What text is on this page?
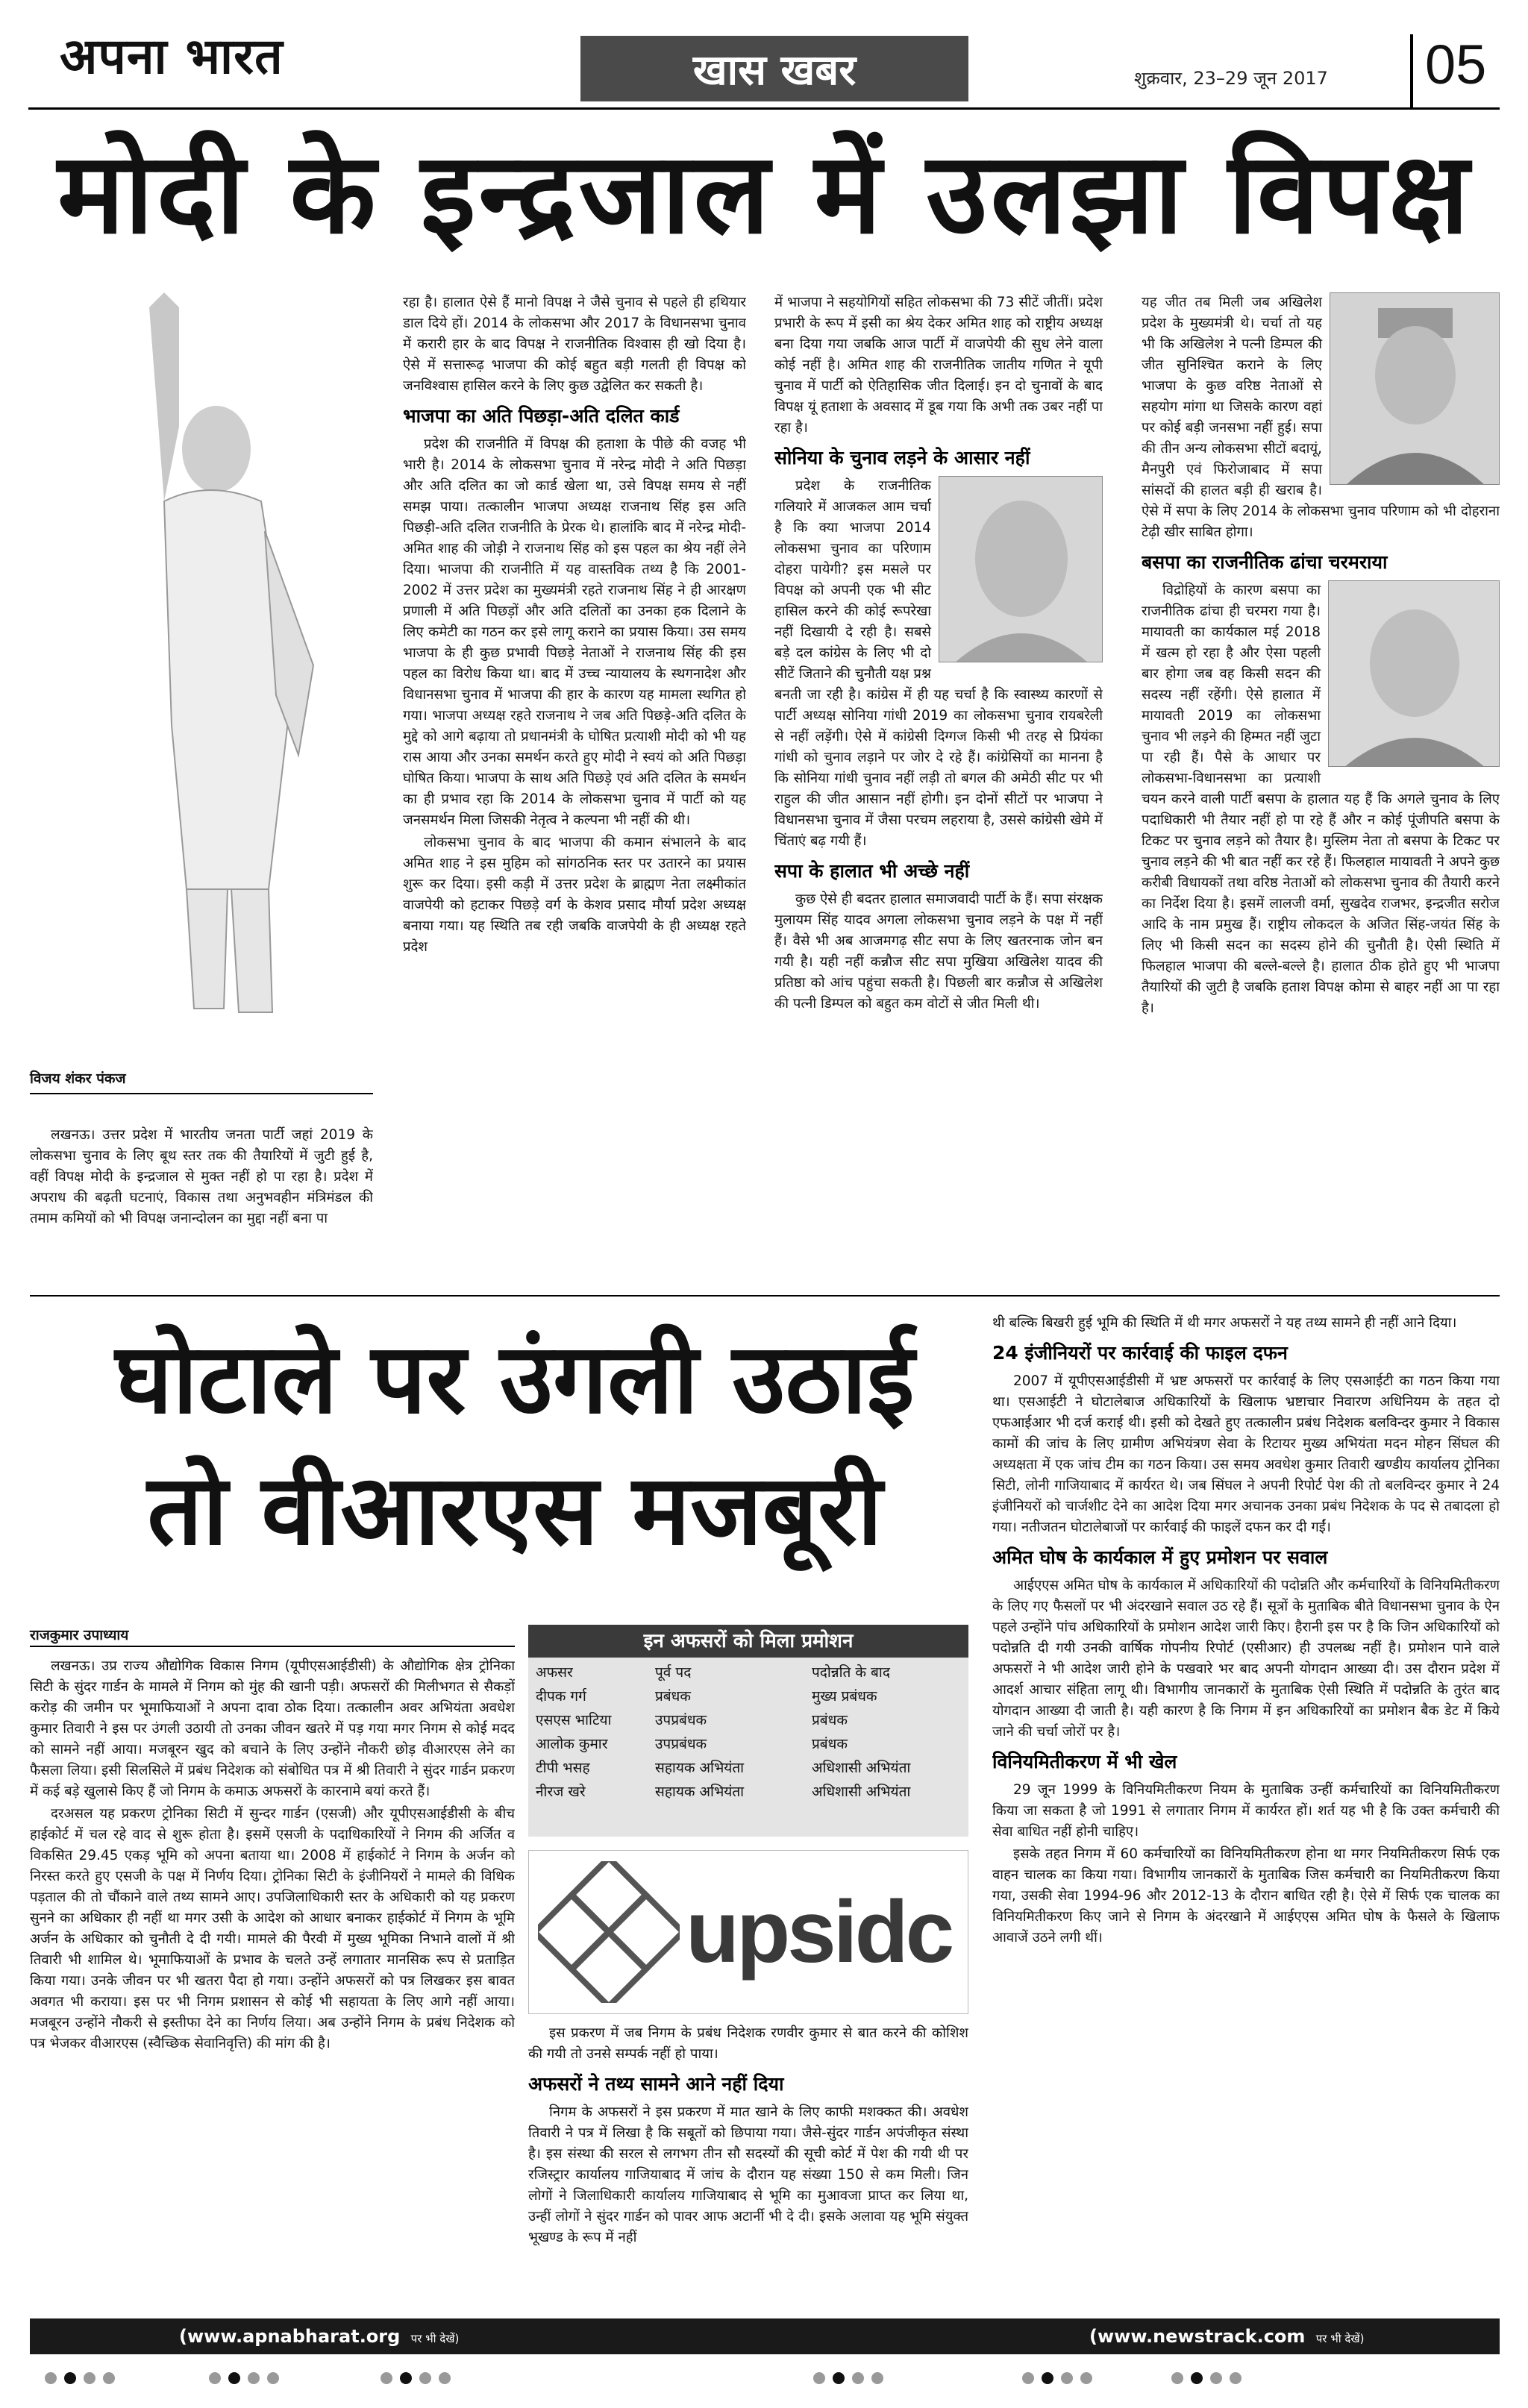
अपना भारत	खास खबर	शुक्रवार, 23–29 जून 2017 05
मोदी के इन्द्रजाल में उलझा विपक्ष
विजय शंकर पंकज

लखनऊ। उत्तर प्रदेश में भारतीय जनता पार्टी जहां 2019 के लोकसभा चुनाव के लिए बूथ स्तर तक की तैयारियों में जुटी हुई है, वहीं विपक्ष मोदी के इन्द्रजाल से मुक्त नहीं हो पा रहा है। प्रदेश में अपराध की बढ़ती घटनाएं, विकास तथा अनुभवहीन मंत्रिमंडल की तमाम कमियों को भी विपक्ष जनान्दोलन का मुद्दा नहीं बना पा

रहा है। हालात ऐसे हैं मानो विपक्ष ने जैसे चुनाव से पहले ही हथियार डाल दिये हों। 2014 के लोकसभा और 2017 के विधानसभा चुनाव में करारी हार के बाद विपक्ष ने राजनीतिक विश्वास ही खो दिया है। ऐसे में सत्तारूढ़ भाजपा की कोई बहुत बड़ी गलती ही विपक्ष को जनविश्वास हासिल करने के लिए कुछ उद्वेलित कर सकती है।

भाजपा का अति पिछड़ा-अति दलित कार्ड

प्रदेश की राजनीति में विपक्ष की हताशा के पीछे की वजह भी भारी है। 2014 के लोकसभा चुनाव में नरेन्द्र मोदी ने अति पिछड़ा और अति दलित का जो कार्ड खेला था, उसे विपक्ष समय से नहीं समझ पाया। तत्कालीन भाजपा अध्यक्ष राजनाथ सिंह इस अति पिछड़ी-अति दलित राजनीति के प्रेरक थे। हालांकि बाद में नरेन्द्र मोदी-अमित शाह की जोड़ी ने राजनाथ सिंह को इस पहल का श्रेय नहीं लेने दिया। भाजपा की राजनीति में यह वास्तविक तथ्य है कि 2001-2002 में उत्तर प्रदेश का मुख्यमंत्री रहते राजनाथ सिंह ने ही आरक्षण प्रणाली में अति पिछड़ों और अति दलितों का उनका हक दिलाने के लिए कमेटी का गठन कर इसे लागू कराने का प्रयास किया। उस समय भाजपा के ही कुछ प्रभावी पिछड़े नेताओं ने राजनाथ सिंह की इस पहल का विरोध किया था। बाद में उच्च न्यायालय के स्थगनादेश और विधानसभा चुनाव में भाजपा की हार के कारण यह मामला स्थगित हो गया। भाजपा अध्यक्ष रहते राजनाथ ने जब अति पिछड़े-अति दलित के मुद्दे को आगे बढ़ाया तो प्रधानमंत्री के घोषित प्रत्याशी मोदी को भी यह रास आया और उनका समर्थन करते हुए मोदी ने स्वयं को अति पिछड़ा घोषित किया। भाजपा के साथ अति पिछड़े एवं अति दलित के समर्थन का ही प्रभाव रहा कि 2014 के लोकसभा चुनाव में पार्टी को यह जनसमर्थन मिला जिसकी नेतृत्व ने कल्पना भी नहीं की थी।

लोकसभा चुनाव के बाद भाजपा की कमान संभालने के बाद अमित शाह ने इस मुहिम को सांगठनिक स्तर पर उतारने का प्रयास शुरू कर दिया। इसी कड़ी में उत्तर प्रदेश के ब्राह्मण नेता लक्ष्मीकांत वाजपेयी को हटाकर पिछड़े वर्ग के केशव प्रसाद मौर्या प्रदेश अध्यक्ष बनाया गया। यह स्थिति तब रही जबकि वाजपेयी के ही अध्यक्ष रहते प्रदेश

में भाजपा ने सहयोगियों सहित लोकसभा की 73 सीटें जीतीं। प्रदेश प्रभारी के रूप में इसी का श्रेय देकर अमित शाह को राष्ट्रीय अध्यक्ष बना दिया गया जबकि आज पार्टी में वाजपेयी की सुध लेने वाला कोई नहीं है। अमित शाह की राजनीतिक जातीय गणित ने यूपी चुनाव में पार्टी को ऐतिहासिक जीत दिलाई। इन दो चुनावों के बाद विपक्ष यूं हताशा के अवसाद में डूब गया कि अभी तक उबर नहीं पा रहा है।

सोनिया के चुनाव लड़ने के आसार नहीं

प्रदेश के राजनीतिक गलियारे में आजकल आम चर्चा है कि क्या भाजपा 2014 लोकसभा चुनाव का परिणाम दोहरा पायेगी? इस मसले पर विपक्ष को अपनी एक भी सीट हासिल करने की कोई रूपरेखा नहीं दिखायी दे रही है। सबसे बड़े दल कांग्रेस के लिए भी दो सीटें जिताने की चुनौती यक्ष प्रश्न बनती जा रही है। कांग्रेस में ही यह चर्चा है कि स्वास्थ्य कारणों से पार्टी अध्यक्ष सोनिया गांधी 2019 का लोकसभा चुनाव रायबरेली से नहीं लड़ेंगी। ऐसे में कांग्रेसी दिग्गज किसी भी तरह से प्रियंका गांधी को चुनाव लड़ाने पर जोर दे रहे हैं। कांग्रेसियों का मानना है कि सोनिया गांधी चुनाव नहीं लड़ी तो बगल की अमेठी सीट पर भी राहुल की जीत आसान नहीं होगी। इन दोनों सीटों पर भाजपा ने विधानसभा चुनाव में जैसा परचम लहराया है, उससे कांग्रेसी खेमे में चिंताएं बढ़ गयी हैं।

सपा के हालात भी अच्छे नहीं

कुछ ऐसे ही बदतर हालात समाजवादी पार्टी के हैं। सपा संरक्षक मुलायम सिंह यादव अगला लोकसभा चुनाव लड़ने के पक्ष में नहीं हैं। वैसे भी अब आजमगढ़ सीट सपा के लिए खतरनाक जोन बन गयी है। यही नहीं कन्नौज सीट सपा मुखिया अखिलेश यादव की प्रतिष्ठा को आंच पहुंचा सकती है। पिछली बार कन्नौज से अखिलेश की पत्नी डिम्पल को बहुत कम वोटों से जीत मिली थी।

यह जीत तब मिली जब अखिलेश प्रदेश के मुख्यमंत्री थे। चर्चा तो यह भी कि अखिलेश ने पत्नी डिम्पल की जीत सुनिश्चित कराने के लिए भाजपा के कुछ वरिष्ठ नेताओं से सहयोग मांगा था जिसके कारण वहां पर कोई बड़ी जनसभा नहीं हुई। सपा की तीन अन्य लोकसभा सीटों बदायूं, मैनपुरी एवं फिरोजाबाद में सपा सांसदों की हालत बड़ी ही खराब है। ऐसे में सपा के लिए 2014 के लोकसभा चुनाव परिणाम को भी दोहराना टेढ़ी खीर साबित होगा।

बसपा का राजनीतिक ढांचा चरमराया

विद्रोहियों के कारण बसपा का राजनीतिक ढांचा ही चरमरा गया है। मायावती का कार्यकाल मई 2018 में खत्म हो रहा है और ऐसा पहली बार होगा जब वह किसी सदन की सदस्य नहीं रहेंगी। ऐसे हालात में मायावती 2019 का लोकसभा चुनाव भी लड़ने की हिम्मत नहीं जुटा पा रही हैं। पैसे के आधार पर लोकसभा-विधानसभा का प्रत्याशी चयन करने वाली पार्टी बसपा के हालात यह हैं कि अगले चुनाव के लिए पदाधिकारी भी तैयार नहीं हो पा रहे हैं और न कोई पूंजीपति बसपा के टिकट पर चुनाव लड़ने को तैयार है। मुस्लिम नेता तो बसपा के टिकट पर चुनाव लड़ने की भी बात नहीं कर रहे हैं। फिलहाल मायावती ने अपने कुछ करीबी विधायकों तथा वरिष्ठ नेताओं को लोकसभा चुनाव की तैयारी करने का निर्देश दिया है। इसमें लालजी वर्मा, सुखदेव राजभर, इन्द्रजीत सरोज आदि के नाम प्रमुख हैं। राष्ट्रीय लोकदल के अजित सिंह-जयंत सिंह के लिए भी किसी सदन का सदस्य होने की चुनौती है। ऐसी स्थिति में फिलहाल भाजपा की बल्ले-बल्ले है। हालात ठीक होते हुए भी भाजपा तैयारियों की जुटी है जबकि हताश विपक्ष कोमा से बाहर नहीं आ पा रहा है।

घोटाले पर उंगली उठाई
तो वीआरएस मजबूरी
राजकुमार उपाध्याय

लखनऊ। उप्र राज्य औद्योगिक विकास निगम (यूपीएसआईडीसी) के औद्योगिक क्षेत्र ट्रोनिका सिटी के सुंदर गार्डन के मामले में निगम को मुंह की खानी पड़ी। अफसरों की मिलीभगत से सैकड़ों करोड़ की जमीन पर भूमाफियाओं ने अपना दावा ठोक दिया। तत्कालीन अवर अभियंता अवधेश कुमार तिवारी ने इस पर उंगली उठायी तो उनका जीवन खतरे में पड़ गया मगर निगम से कोई मदद को सामने नहीं आया। मजबूरन खुद को बचाने के लिए उन्होंने नौकरी छोड़ वीआरएस लेने का फैसला लिया। इसी सिलसिले में प्रबंध निदेशक को संबोधित पत्र में श्री तिवारी ने सुंदर गार्डन प्रकरण में कई बड़े खुलासे किए हैं जो निगम के कमाऊ अफसरों के कारनामे बयां करते हैं।

दरअसल यह प्रकरण ट्रोनिका सिटी में सुन्दर गार्डन (एसजी) और यूपीएसआईडीसी के बीच हाईकोर्ट में चल रहे वाद से शुरू होता है। इसमें एसजी के पदाधिकारियों ने निगम की अर्जित व विकसित 29.45 एकड़ भूमि को अपना बताया था। 2008 में हाईकोर्ट ने निगम के अर्जन को निरस्त करते हुए एसजी के पक्ष में निर्णय दिया। ट्रोनिका सिटी के इंजीनियरों ने मामले की विधिक पड़ताल की तो चौंकाने वाले तथ्य सामने आए। उपजिलाधिकारी स्तर के अधिकारी को यह प्रकरण सुनने का अधिकार ही नहीं था मगर उसी के आदेश को आधार बनाकर हाईकोर्ट में निगम के भूमि अर्जन के अधिकार को चुनौती दे दी गयी। मामले की पैरवी में मुख्य भूमिका निभाने वालों में श्री तिवारी भी शामिल थे। भूमाफियाओं के प्रभाव के चलते उन्हें लगातार मानसिक रूप से प्रताड़ित किया गया। उनके जीवन पर भी खतरा पैदा हो गया। उन्होंने अफसरों को पत्र लिखकर इस बावत अवगत भी कराया। इस पर भी निगम प्रशासन से कोई भी सहायता के लिए आगे नहीं आया। मजबूरन उन्होंने नौकरी से इस्तीफा देने का निर्णय लिया। अब उन्होंने निगम के प्रबंध निदेशक को पत्र भेजकर वीआरएस (स्वैच्छिक सेवानिवृत्ति) की मांग की है।

इन अफसरों को मिला प्रमोशन
अफसर	पूर्व पद	पदोन्नति के बाद
दीपक गर्ग	प्रबंधक	मुख्य प्रबंधक
एसएस भाटिया	उपप्रबंधक	प्रबंधक
आलोक कुमार	उपप्रबंधक	प्रबंधक
टीपी भसह	सहायक अभियंता	अधिशासी अभियंता
नीरज खरे	सहायक अभियंता	अधिशासी अभियंता
upsidc

इस प्रकरण में जब निगम के प्रबंध निदेशक रणवीर कुमार से बात करने की कोशिश की गयी तो उनसे सम्पर्क नहीं हो पाया।

अफसरों ने तथ्य सामने आने नहीं दिया

निगम के अफसरों ने इस प्रकरण में मात खाने के लिए काफी मशक्कत की। अवधेश तिवारी ने पत्र में लिखा है कि सबूतों को छिपाया गया। जैसे-सुंदर गार्डन अपंजीकृत संस्था है। इस संस्था की सरल से लगभग तीन सौ सदस्यों की सूची कोर्ट में पेश की गयी थी पर रजिस्ट्रार कार्यालय गाजियाबाद में जांच के दौरान यह संख्या 150 से कम मिली। जिन लोगों ने जिलाधिकारी कार्यालय गाजियाबाद से भूमि का मुआवजा प्राप्त कर लिया था, उन्हीं लोगों ने सुंदर गार्डन को पावर आफ अटार्नी भी दे दी। इसके अलावा यह भूमि संयुक्त भूखण्ड के रूप में नहीं

थी बल्कि बिखरी हुई भूमि की स्थिति में थी मगर अफसरों ने यह तथ्य सामने ही नहीं आने दिया।

24 इंजीनियरों पर कार्रवाई की फाइल दफन

2007 में यूपीएसआईडीसी में भ्रष्ट अफसरों पर कार्रवाई के लिए एसआईटी का गठन किया गया था। एसआईटी ने घोटालेबाज अधिकारियों के खिलाफ भ्रष्टाचार निवारण अधिनियम के तहत दो एफआईआर भी दर्ज कराई थी। इसी को देखते हुए तत्कालीन प्रबंध निदेशक बलविन्दर कुमार ने विकास कामों की जांच के लिए ग्रामीण अभियंत्रण सेवा के रिटायर मुख्य अभियंता मदन मोहन सिंघल की अध्यक्षता में एक जांच टीम का गठन किया। उस समय अवधेश कुमार तिवारी खण्डीय कार्यालय ट्रोनिका सिटी, लोनी गाजियाबाद में कार्यरत थे। जब सिंघल ने अपनी रिपोर्ट पेश की तो बलविन्दर कुमार ने 24 इंजीनियरों को चार्जशीट देने का आदेश दिया मगर अचानक उनका प्रबंध निदेशक के पद से तबादला हो गया। नतीजतन घोटालेबाजों पर कार्रवाई की फाइलें दफन कर दी गईं।

अमित घोष के कार्यकाल में हुए प्रमोशन पर सवाल

आईएएस अमित घोष के कार्यकाल में अधिकारियों की पदोन्नति और कर्मचारियों के विनियमितीकरण के लिए गए फैसलों पर भी अंदरखाने सवाल उठ रहे हैं। सूत्रों के मुताबिक बीते विधानसभा चुनाव के ऐन पहले उन्होंने पांच अधिकारियों के प्रमोशन आदेश जारी किए। हैरानी इस पर है कि जिन अधिकारियों को पदोन्नति दी गयी उनकी वार्षिक गोपनीय रिपोर्ट (एसीआर) ही उपलब्ध नहीं है। प्रमोशन पाने वाले अफसरों ने भी आदेश जारी होने के पखवारे भर बाद अपनी योगदान आख्या दी। उस दौरान प्रदेश में आदर्श आचार संहिता लागू थी। विभागीय जानकारों के मुताबिक ऐसी स्थिति में पदोन्नति के तुरंत बाद योगदान आख्या दी जाती है। यही कारण है कि निगम में इन अधिकारियों का प्रमोशन बैक डेट में किये जाने की चर्चा जोरों पर है।

विनियमितीकरण में भी खेल

29 जून 1999 के विनियमितीकरण नियम के मुताबिक उन्हीं कर्मचारियों का विनियमितीकरण किया जा सकता है जो 1991 से लगातार निगम में कार्यरत हों। शर्त यह भी है कि उक्त कर्मचारी की सेवा बाधित नहीं होनी चाहिए।

इसके तहत निगम में 60 कर्मचारियों का विनियमितीकरण होना था मगर नियमितीकरण सिर्फ एक वाहन चालक का किया गया। विभागीय जानकारों के मुताबिक जिस कर्मचारी का नियमितीकरण किया गया, उसकी सेवा 1994-96 और 2012-13 के दौरान बाधित रही है। ऐसे में सिर्फ एक चालक का विनियमितीकरण किए जाने से निगम के अंदरखाने में आईएएस अमित घोष के फैसले के खिलाफ आवाजें उठने लगी थीं।

(www.apnabharat.org पर भी देखें)	(www.newstrack.com पर भी देखें)
